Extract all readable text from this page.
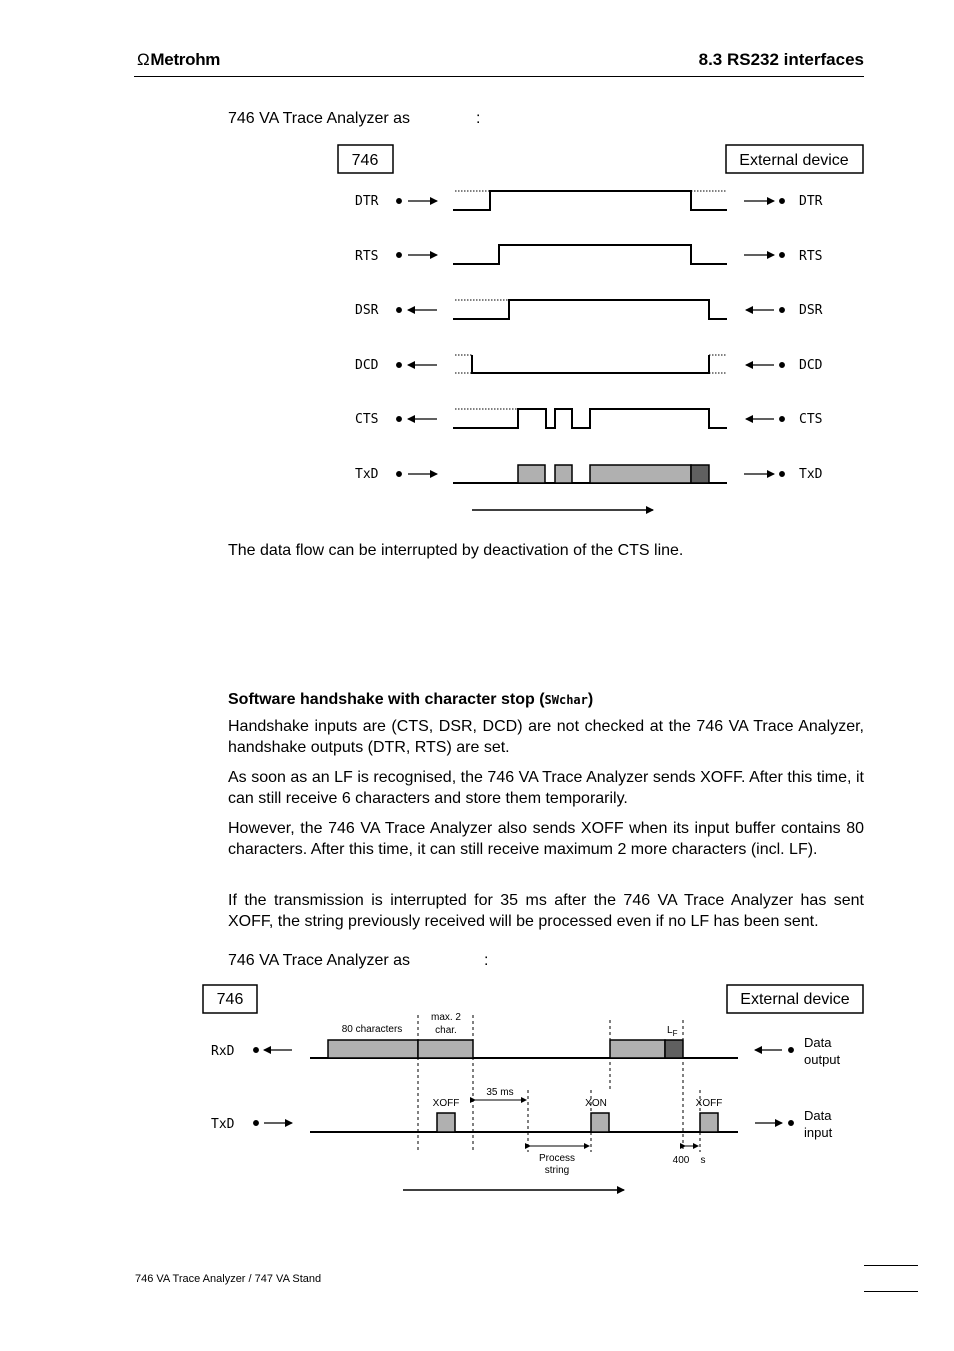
ΩMetrohm	8.3 RS232 interfaces
746 VA Trace Analyzer as	:
746	External device
DTR
RTS
DSR
DCD
CTS
TxD
DTR
RTS
DSR
DCD
CTS
TxD
The data flow can be interrupted by deactivation of the CTS line.
Software handshake with character stop (SWchar)
Handshake inputs are (CTS, DSR, DCD) are not checked at the 746 VA Trace Analyzer, handshake outputs (DTR, RTS) are set.
As soon as an LF is recognised, the 746 VA Trace Analyzer sends XOFF. After this time, it can still receive 6 characters and store them temporarily.
However, the 746 VA Trace Analyzer also sends XOFF when its input buffer contains 80 characters. After this time, it can still receive maximum 2 more characters (incl. LF).
If the transmission is interrupted for 35 ms after the 746 VA Trace Analyzer has sent XOFF, the string previously received will be processed even if no LF has been sent.
746 VA Trace Analyzer as	:
746	External device
RxD
TxD
Data
output
Data
input
80 characters
max. 2
char.	$L_F$
XOFF	XON	XOFF
35 ms
Process
string
400 s
746 VA Trace Analyzer / 747 VA Stand
